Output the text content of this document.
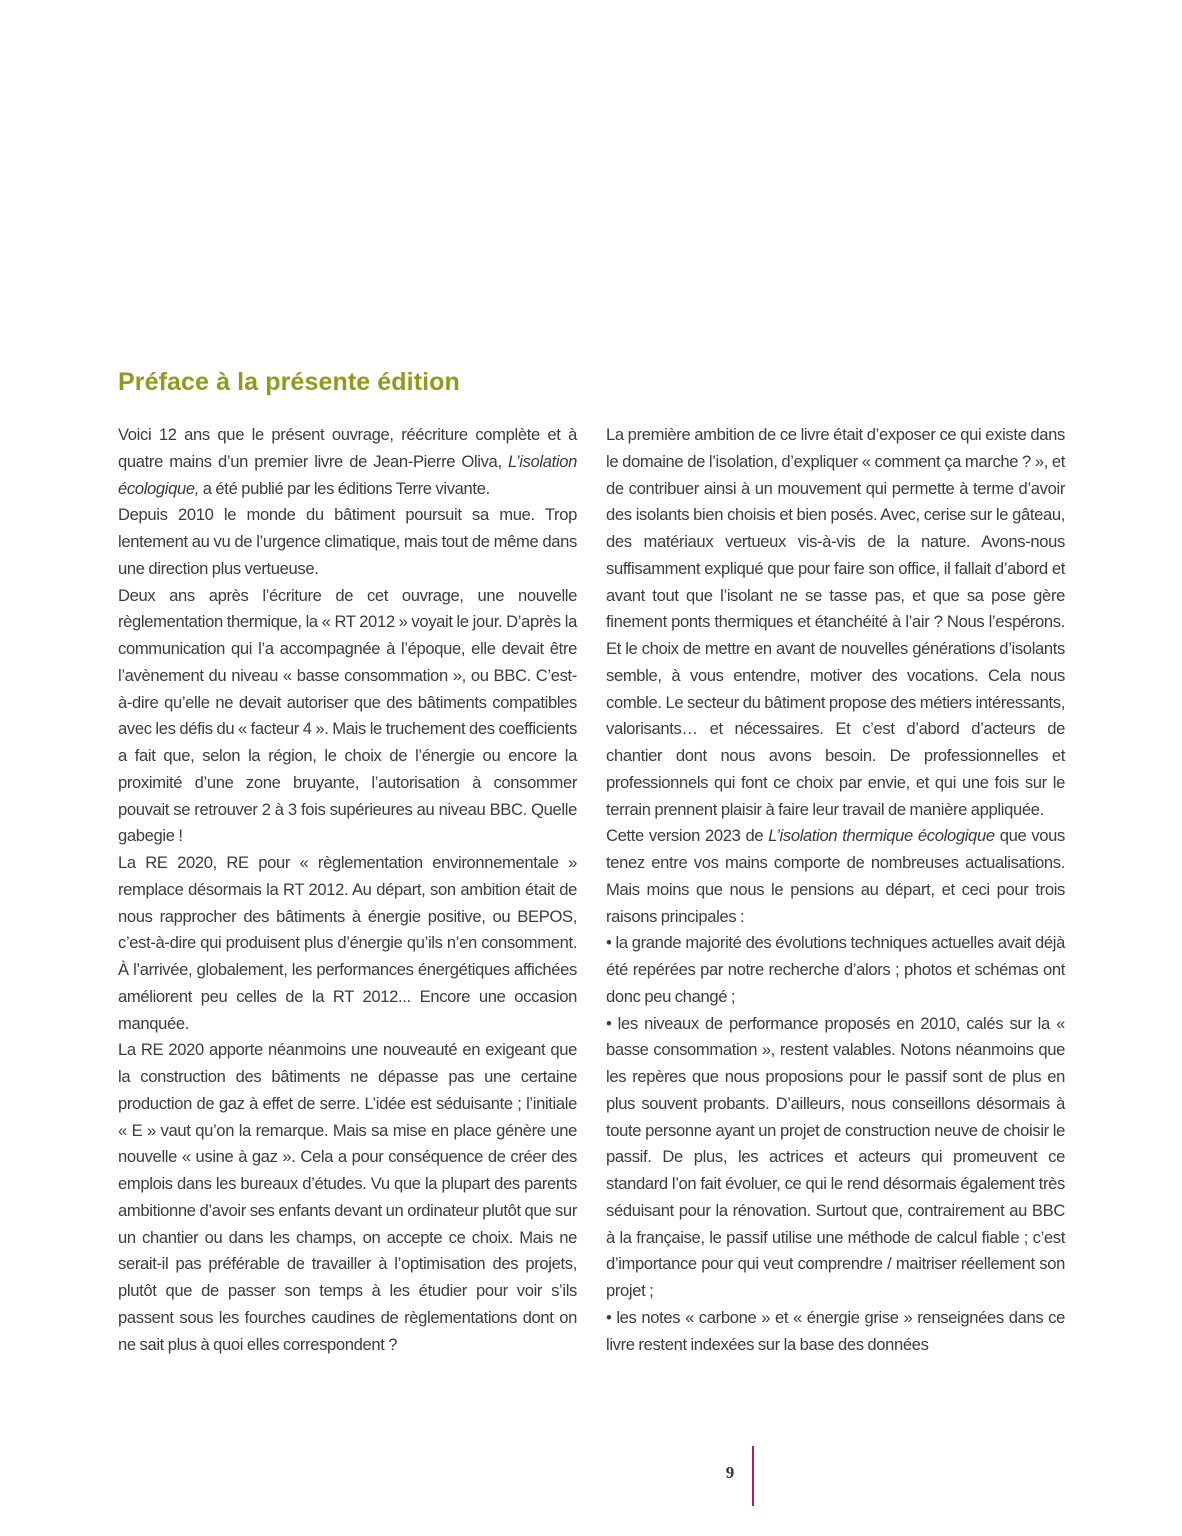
Préface à la présente édition

Voici 12 ans que le présent ouvrage, réécriture complète et à quatre mains d’un premier livre de Jean-Pierre Oliva, L’isolation écologique, a été publié par les éditions Terre vivante.

Depuis 2010 le monde du bâtiment poursuit sa mue. Trop lentement au vu de l’urgence climatique, mais tout de même dans une direction plus vertueuse.

Deux ans après l’écriture de cet ouvrage, une nouvelle règlementation thermique, la « RT 2012 » voyait le jour. D’après la communication qui l’a accompagnée à l’époque, elle devait être l’avènement du niveau « basse consommation », ou BBC. C’est-à-dire qu’elle ne devait autoriser que des bâtiments compatibles avec les défis du « facteur 4 ». Mais le truchement des coefficients a fait que, selon la région, le choix de l’énergie ou encore la proximité d’une zone bruyante, l’autorisation à consommer pouvait se retrouver 2 à 3 fois supérieures au niveau BBC. Quelle gabegie !

La RE 2020, RE pour « règlementation environnementale » remplace désormais la RT 2012. Au départ, son ambition était de nous rapprocher des bâtiments à énergie positive, ou BEPOS, c’est-à-dire qui produisent plus d’énergie qu’ils n’en consomment. À l’arrivée, globalement, les performances énergétiques affichées améliorent peu celles de la RT 2012... Encore une occasion manquée.

La RE 2020 apporte néanmoins une nouveauté en exigeant que la construction des bâtiments ne dépasse pas une certaine production de gaz à effet de serre. L’idée est séduisante ; l’initiale « E » vaut qu’on la remarque. Mais sa mise en place génère une nouvelle « usine à gaz ». Cela a pour conséquence de créer des emplois dans les bureaux d’études. Vu que la plupart des parents ambitionne d’avoir ses enfants devant un ordinateur plutôt que sur un chantier ou dans les champs, on accepte ce choix. Mais ne serait-il pas préférable de travailler à l’optimisation des projets, plutôt que de passer son temps à les étudier pour voir s’ils passent sous les fourches caudines de règlementations dont on ne sait plus à quoi elles correspondent ?

La première ambition de ce livre était d’exposer ce qui existe dans le domaine de l’isolation, d’expliquer « comment ça marche ? », et de contribuer ainsi à un mouvement qui permette à terme d’avoir des isolants bien choisis et bien posés. Avec, cerise sur le gâteau, des matériaux vertueux vis-à-vis de la nature. Avons-nous suffisamment expliqué que pour faire son office, il fallait d’abord et avant tout que l’isolant ne se tasse pas, et que sa pose gère finement ponts thermiques et étanchéité à l’air ? Nous l’espérons. Et le choix de mettre en avant de nouvelles générations d’isolants semble, à vous entendre, motiver des vocations. Cela nous comble. Le secteur du bâtiment propose des métiers intéressants, valorisants… et nécessaires. Et c’est d’abord d’acteurs de chantier dont nous avons besoin. De professionnelles et professionnels qui font ce choix par envie, et qui une fois sur le terrain prennent plaisir à faire leur travail de manière appliquée.

Cette version 2023 de L’isolation thermique écologique que vous tenez entre vos mains comporte de nombreuses actualisations. Mais moins que nous le pensions au départ, et ceci pour trois raisons principales :

• la grande majorité des évolutions techniques actuelles avait déjà été repérées par notre recherche d’alors ; photos et schémas ont donc peu changé ;

• les niveaux de performance proposés en 2010, calés sur la « basse consommation », restent valables. Notons néanmoins que les repères que nous proposions pour le passif sont de plus en plus souvent probants. D’ailleurs, nous conseillons désormais à toute personne ayant un projet de construction neuve de choisir le passif. De plus, les actrices et acteurs qui promeuvent ce standard l’on fait évoluer, ce qui le rend désormais également très séduisant pour la rénovation. Surtout que, contrairement au BBC à la française, le passif utilise une méthode de calcul fiable ; c’est d’importance pour qui veut comprendre / maitriser réellement son projet ;

• les notes « carbone » et « énergie grise » renseignées dans ce livre restent indexées sur la base des données

9
